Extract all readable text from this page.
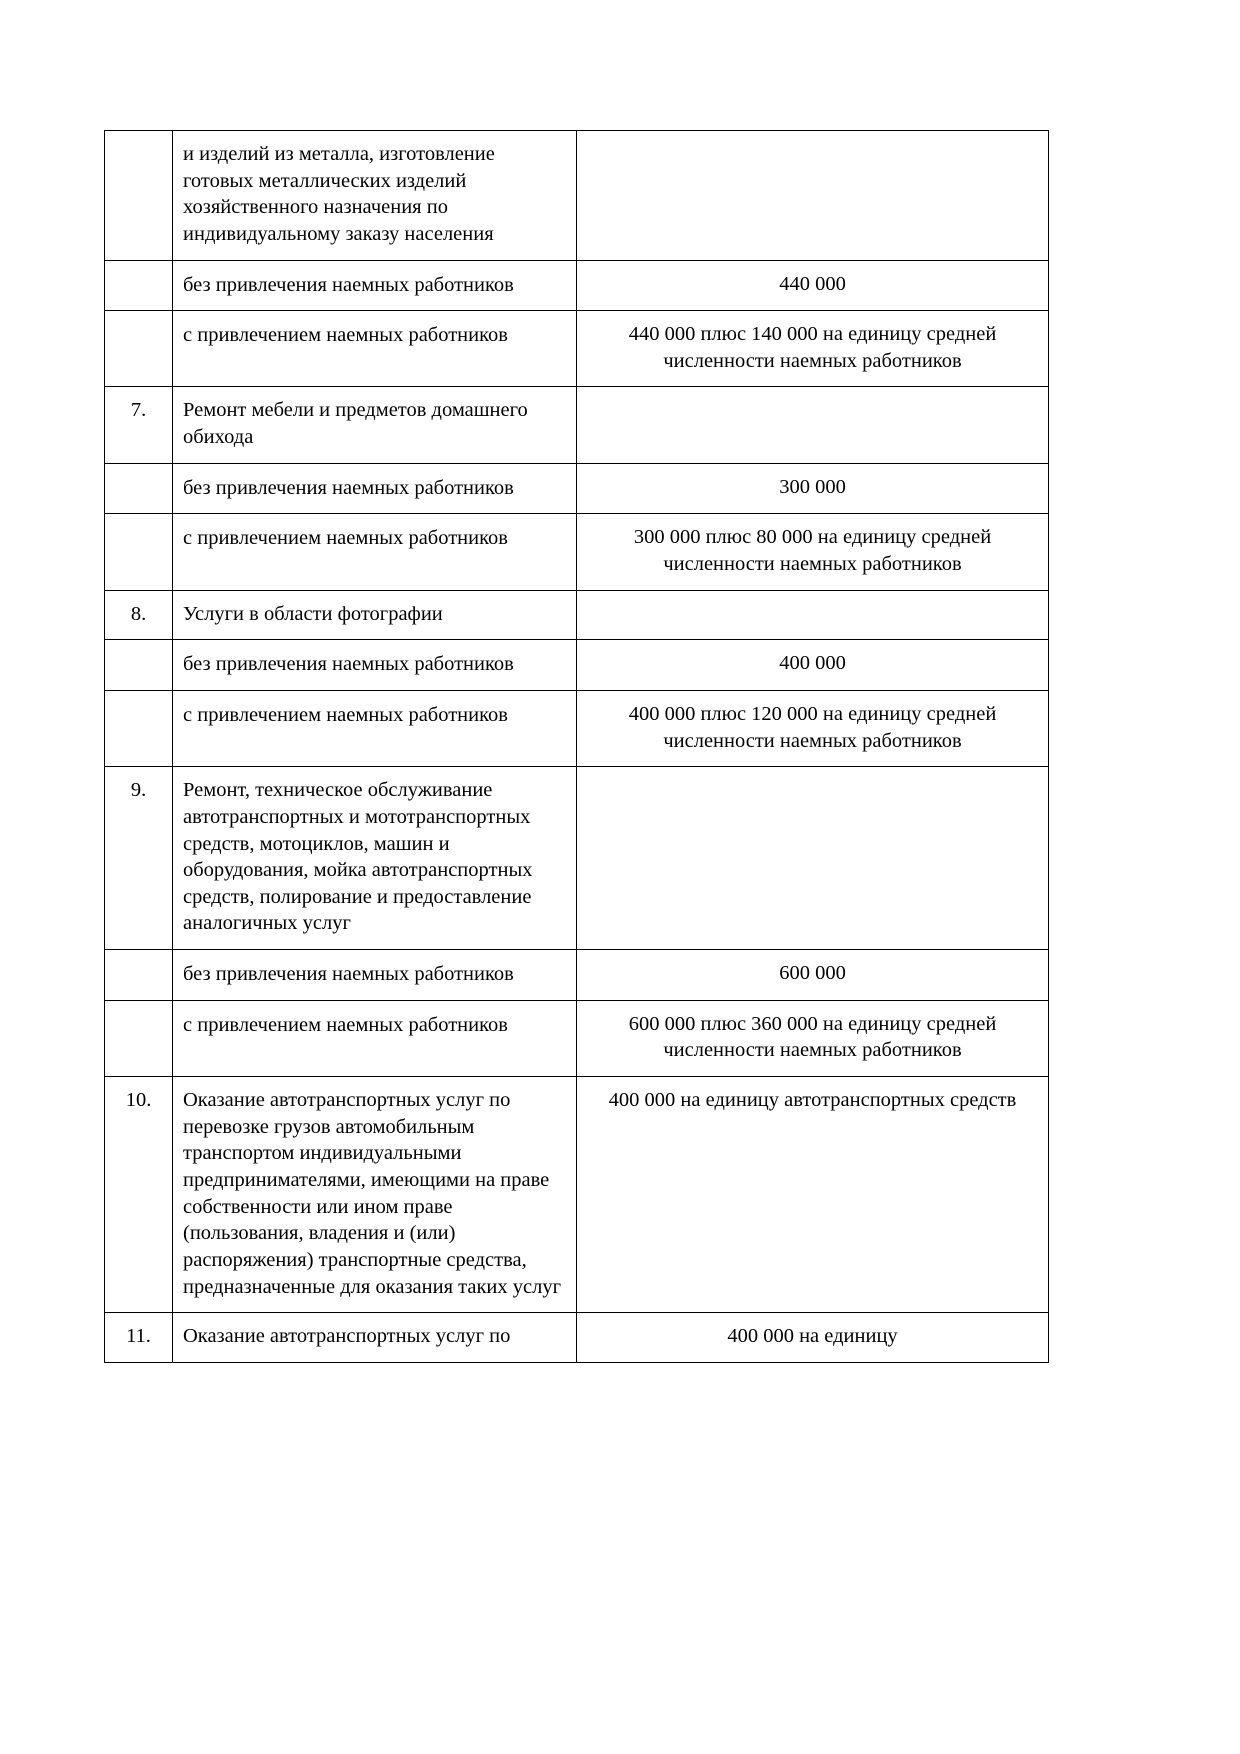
	и изделий из металла, изготовление готовых металлических изделий хозяйственного назначения по индивидуальному заказу населения	
	без привлечения наемных работников	440 000
	с привлечением наемных работников	440 000 плюс 140 000 на единицу средней численности наемных работников
7.	Ремонт мебели и предметов домашнего обихода	
	без привлечения наемных работников	300 000
	с привлечением наемных работников	300 000 плюс 80 000 на единицу средней численности наемных работников
8.	Услуги в области фотографии	
	без привлечения наемных работников	400 000
	с привлечением наемных работников	400 000 плюс 120 000 на единицу средней численности наемных работников
9.	Ремонт, техническое обслуживание автотранспортных и мототранспортных средств, мотоциклов, машин и оборудования, мойка автотранспортных средств, полирование и предоставление аналогичных услуг	
	без привлечения наемных работников	600 000
	с привлечением наемных работников	600 000 плюс 360 000 на единицу средней численности наемных работников
10.	Оказание автотранспортных услуг по перевозке грузов автомобильным транспортом индивидуальными предпринимателями, имеющими на праве собственности или ином праве (пользования, владения и (или) распоряжения) транспортные средства, предназначенные для оказания таких услуг	400 000 на единицу автотранспортных средств
11.	Оказание автотранспортных услуг по	400 000 на единицу
